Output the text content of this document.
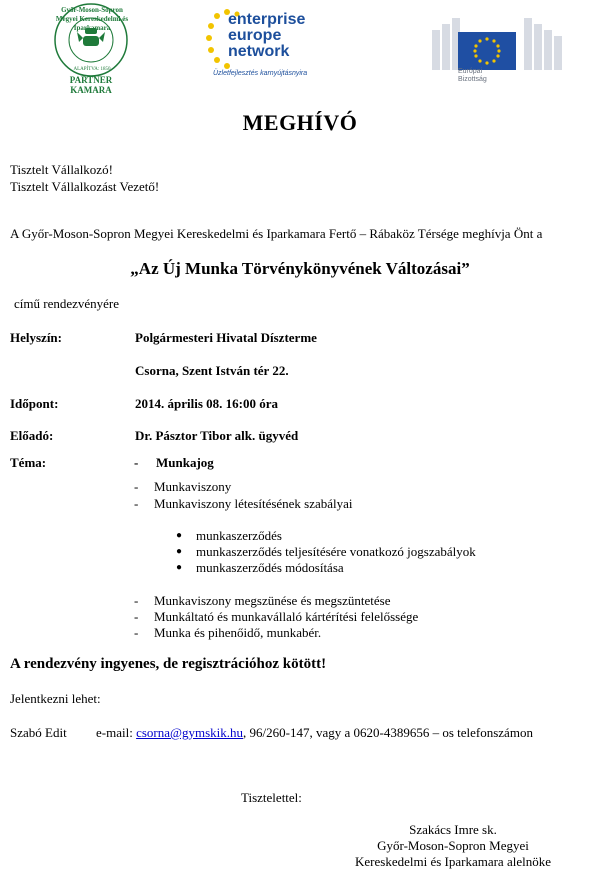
Győr-Moson-Sopron Megyei Kereskedelmi és Iparkamara
ALAPÍTVA: 1850
PARTNER KAMARA
enterprise
europe
network
Üzletfejlesztés karnyújtásnyira	Európai
Bizottság
MEGHÍVÓ
Tisztelt Vállalkozó!
Tisztelt Vállalkozást Vezető!
A Győr-Moson-Sopron Megyei Kereskedelmi és Iparkamara Fertő – Rábaköz Térsége meghívja Önt a
„Az Új Munka Törvénykönyvének Változásai”
című rendezvényére
Helyszín:	Polgármesteri Hivatal Díszterme
Csorna, Szent István tér 22.
Időpont:	2014. április 08. 16:00 óra
Előadó:	Dr. Pásztor Tibor alk. ügyvéd
Téma:	- Munkajog
- Munkaviszony
- Munkaviszony létesítésének szabályai
● munkaszerződés
● munkaszerződés teljesítésére vonatkozó jogszabályok
● munkaszerződés módosítása
- Munkaviszony megszünése és megszüntetése
- Munkáltató és munkavállaló kártérítési felelőssége
- Munka és pihenőidő, munkabér.
A rendezvény ingyenes, de regisztrációhoz kötött!
Jelentkezni lehet:
Szabó Edit e-mail: csorna@gymskik.hu, 96/260-147, vagy a 0620-4389656 – os telefonszámon
Tisztelettel:
Szakács Imre sk.
Győr-Moson-Sopron Megyei
Kereskedelmi és Iparkamara alelnöke
